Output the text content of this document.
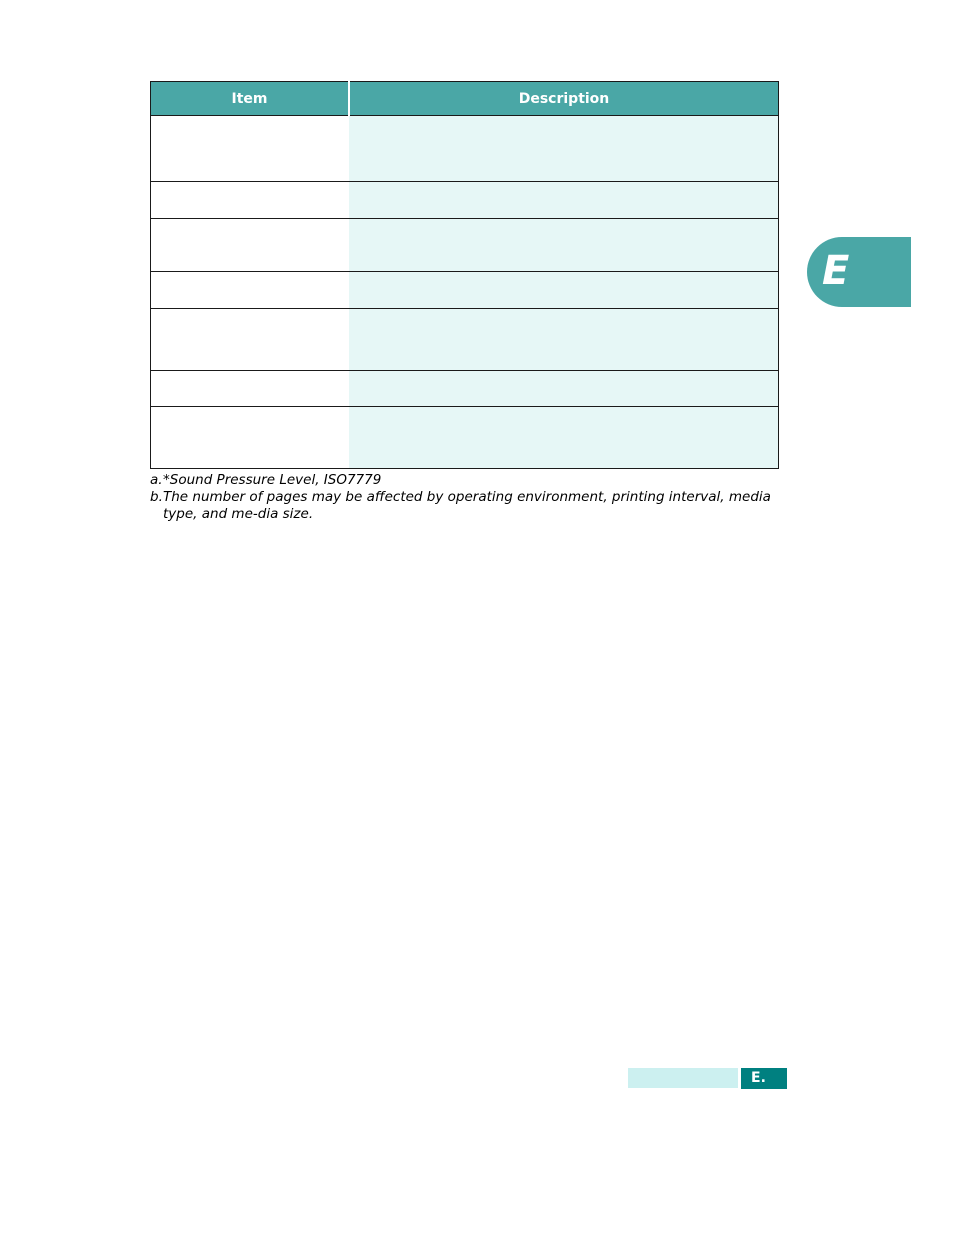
Item	Description

a. *Sound Pressure Level, ISO7779
b. The number of pages may be affected by operating environment, printing interval, media type, and me-dia size.
E
E.
